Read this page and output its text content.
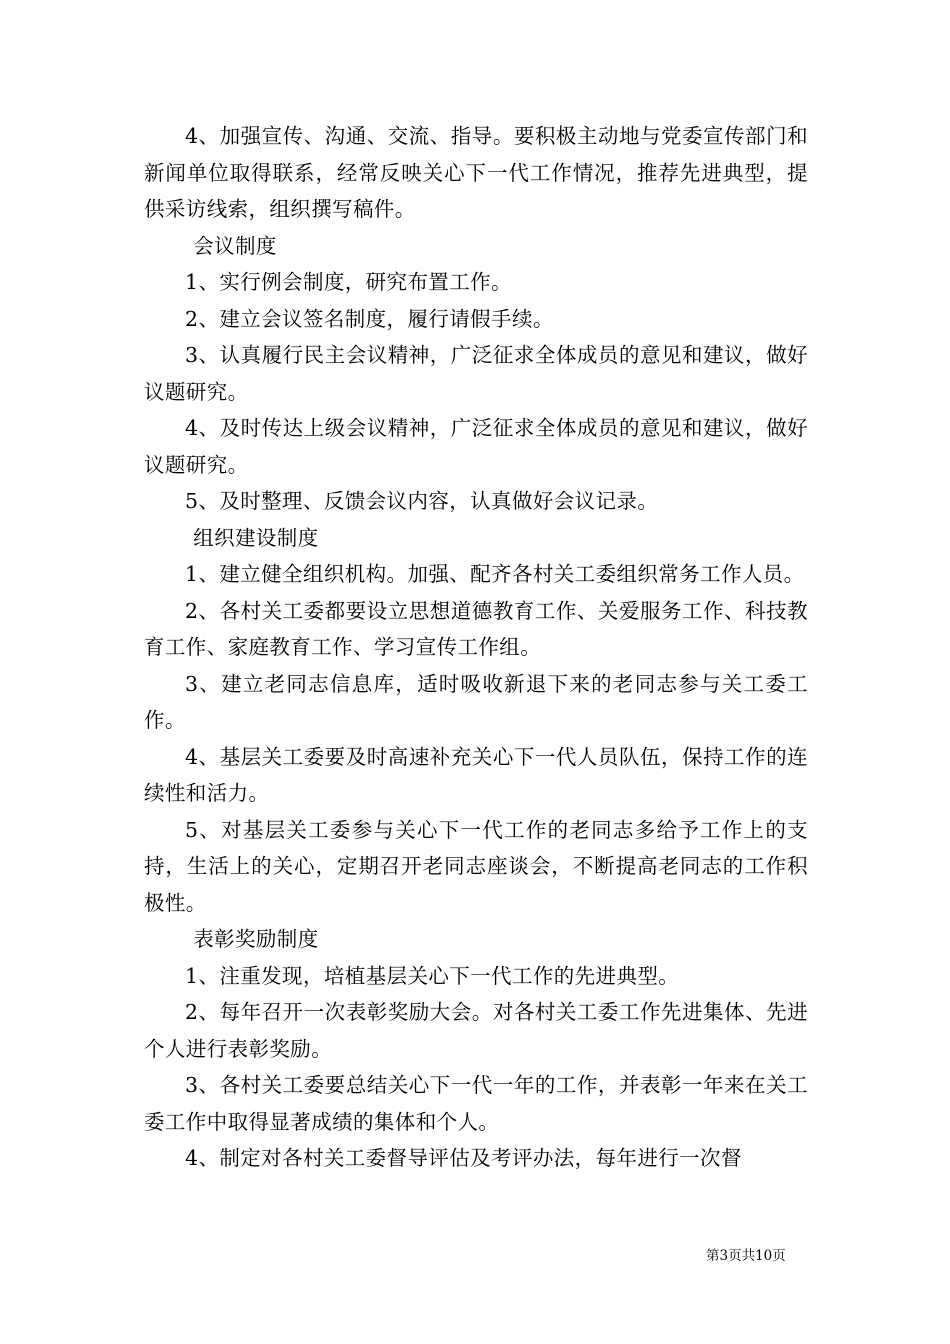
4、加强宣传、沟通、交流、指导。要积极主动地与党委宣传部门和新闻单位取得联系，经常反映关心下一代工作情况，推荐先进典型，提供采访线索，组织撰写稿件。

会议制度

1、实行例会制度，研究布置工作。

2、建立会议签名制度，履行请假手续。

3、认真履行民主会议精神，广泛征求全体成员的意见和建议，做好议题研究。

4、及时传达上级会议精神，广泛征求全体成员的意见和建议，做好议题研究。

5、及时整理、反馈会议内容，认真做好会议记录。

组织建设制度

1、建立健全组织机构。加强、配齐各村关工委组织常务工作人员。

2、各村关工委都要设立思想道德教育工作、关爱服务工作、科技教育工作、家庭教育工作、学习宣传工作组。

3、建立老同志信息库，适时吸收新退下来的老同志参与关工委工作。

4、基层关工委要及时高速补充关心下一代人员队伍，保持工作的连续性和活力。

5、对基层关工委参与关心下一代工作的老同志多给予工作上的支持，生活上的关心，定期召开老同志座谈会，不断提高老同志的工作积极性。

表彰奖励制度

1、注重发现，培植基层关心下一代工作的先进典型。

2、每年召开一次表彰奖励大会。对各村关工委工作先进集体、先进个人进行表彰奖励。

3、各村关工委要总结关心下一代一年的工作，并表彰一年来在关工委工作中取得显著成绩的集体和个人。

4、制定对各村关工委督导评估及考评办法，每年进行一次督

第3页共10页
